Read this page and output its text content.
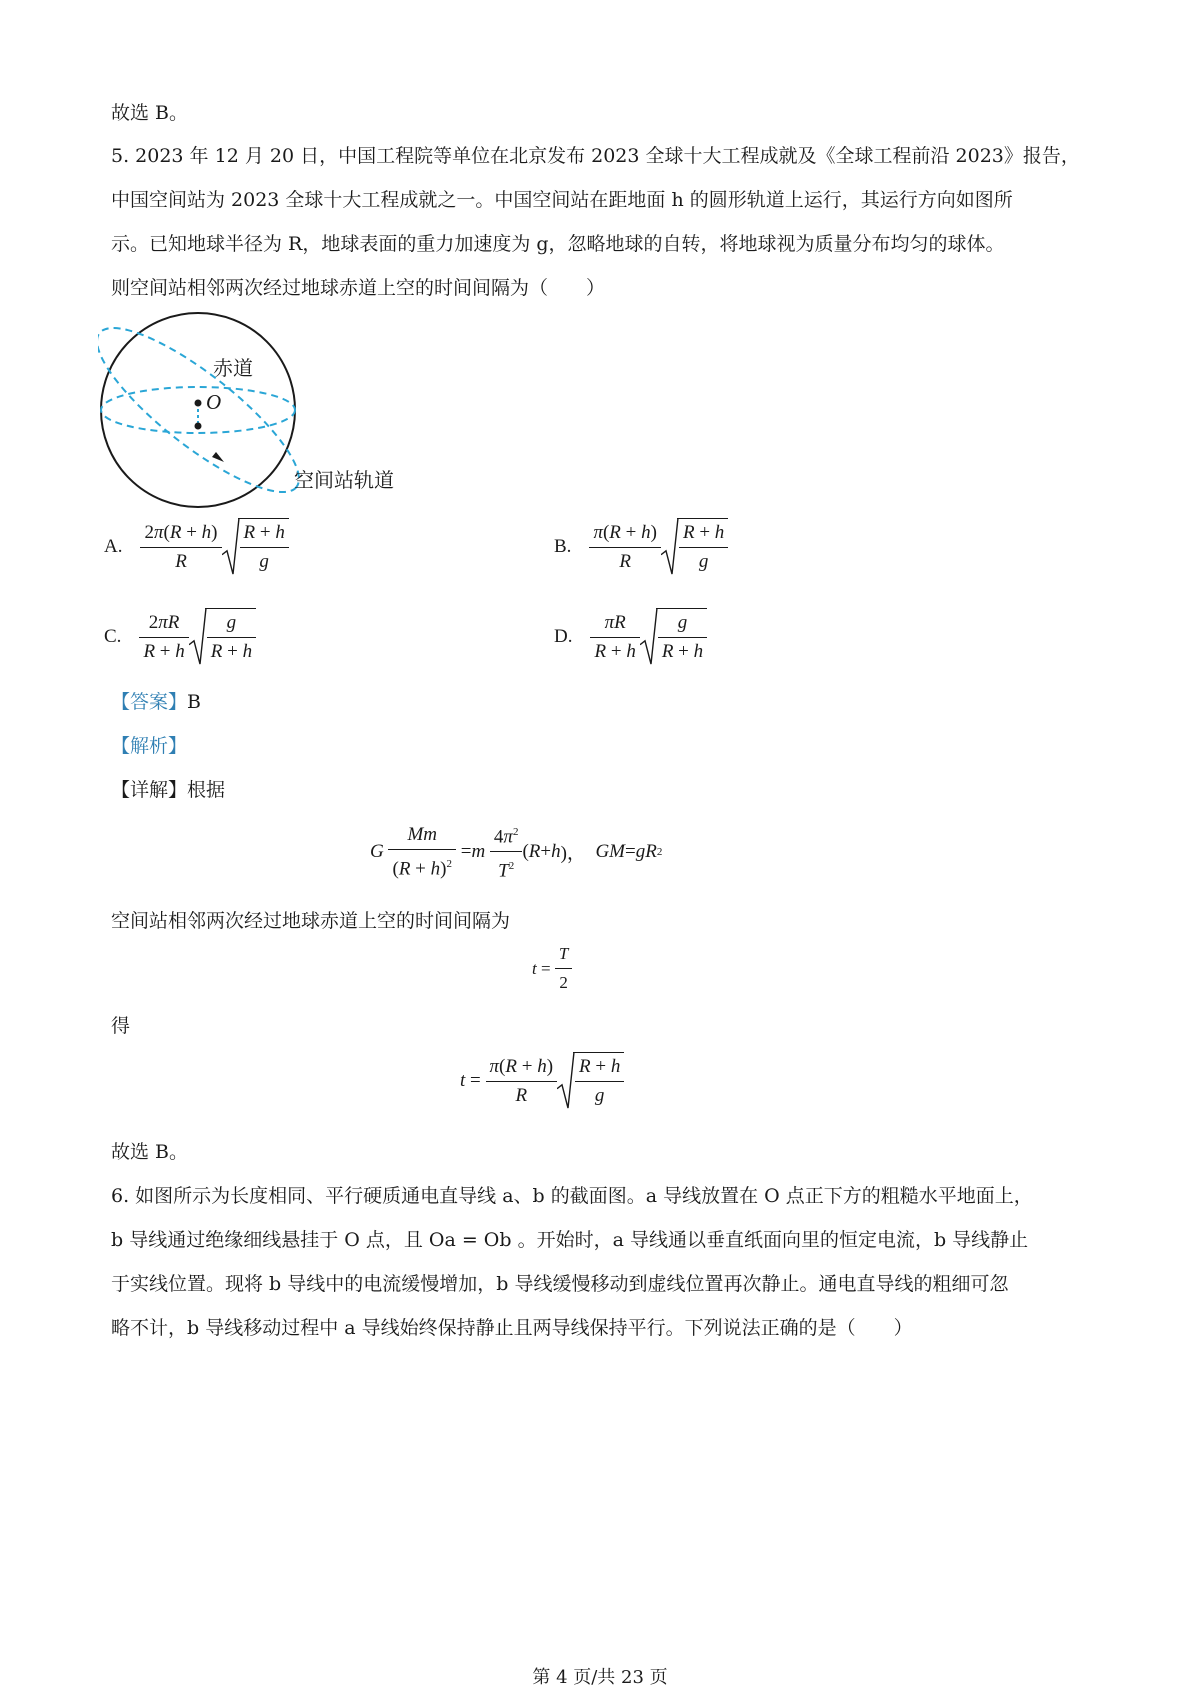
故选 B。
5. 2023 年 12 月 20 日，中国工程院等单位在北京发布 2023 全球十大工程成就及《全球工程前沿 2023》报告，
中国空间站为 2023 全球十大工程成就之一。中国空间站在距地面 h 的圆形轨道上运行，其运行方向如图所
示。已知地球半径为 R，地球表面的重力加速度为 g，忽略地球的自转，将地球视为质量分布均匀的球体。
则空间站相邻两次经过地球赤道上空的时间间隔为（　　）
赤道
O
空间站轨道
A. $\frac{2\pi(R + h)}{R} \frac{R + h}{g}$	B. $\frac{\pi(R + h)}{R} \frac{R + h}{g}$
C. $\frac{2\pi R}{R + h} \frac{g}{R + h}$	D. $\frac{\pi R}{R + h} \frac{g}{R + h}$
【答案】B
【解析】
【详解】根据
G
$\frac{Mm}{(R + h)^2} = m$
$\frac{4\pi^2}{T^2}$ ( R + h )， GM = gR 2
空间站相邻两次经过地球赤道上空的时间间隔为
$t = \frac{T}{2}$
得
$t = \frac{\pi(R + h)}{R} \frac{R + h}{g}$
故选 B。
6. 如图所示为长度相同、平行硬质通电直导线 a、b 的截面图。a 导线放置在 O 点正下方的粗糙水平地面上，
b 导线通过绝缘细线悬挂于 O 点，且 Oa = Ob 。开始时，a 导线通以垂直纸面向里的恒定电流，b 导线静止
于实线位置。现将 b 导线中的电流缓慢增加，b 导线缓慢移动到虚线位置再次静止。通电直导线的粗细可忽
略不计，b 导线移动过程中 a 导线始终保持静止且两导线保持平行。下列说法正确的是（　　）
第 4 页/共 23 页
